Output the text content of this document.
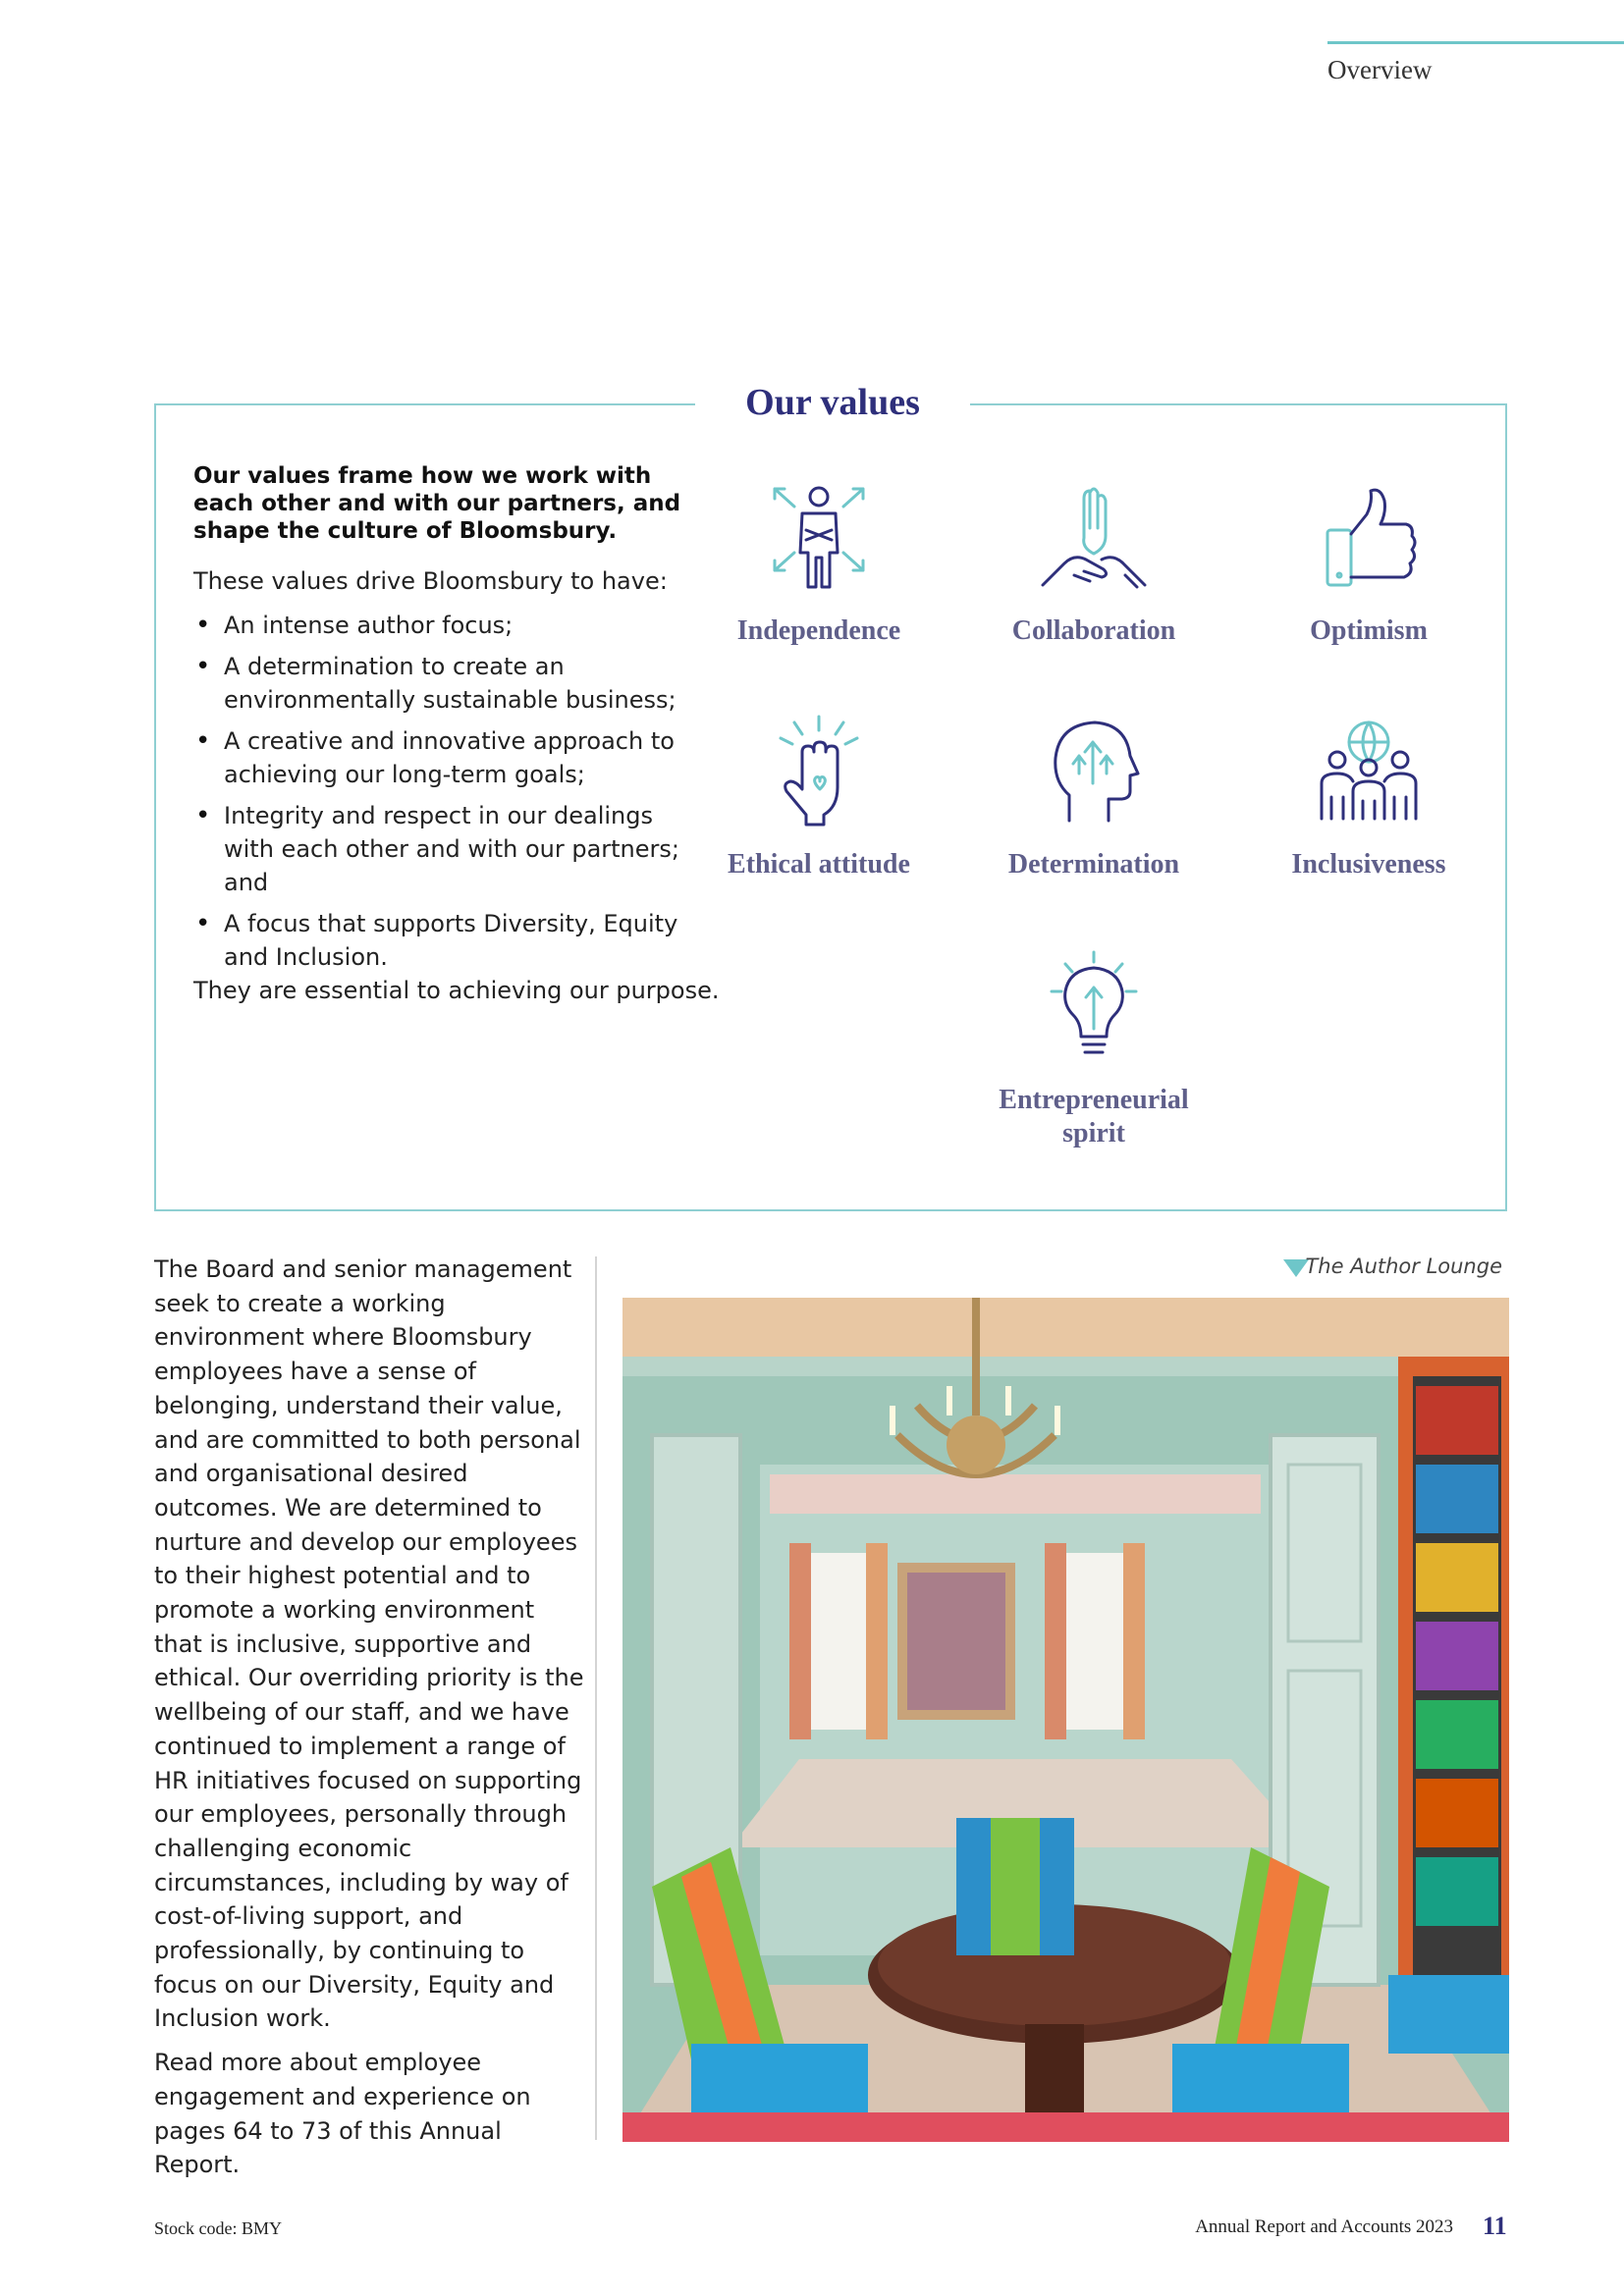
Overview
Our values
Our values frame how we work with each other and with our partners, and shape the culture of Bloomsbury.
These values drive Bloomsbury to have:
• An intense author focus;
• A determination to create an environmentally sustainable business;
• A creative and innovative approach to achieving our long-term goals;
• Integrity and respect in our dealings with each other and with our partners; and
• A focus that supports Diversity, Equity and Inclusion.
They are essential to achieving our purpose.
Independence	Collaboration	Optimism
Ethical attitude	Determination	Inclusiveness
Entrepreneurial spirit

The Board and senior management seek to create a working environment where Bloomsbury employees have a sense of belonging, understand their value, and are committed to both personal and organisational desired outcomes. We are determined to nurture and develop our employees to their highest potential and to promote a working environment that is inclusive, supportive and ethical. Our overriding priority is the wellbeing of our staff, and we have continued to implement a range of HR initiatives focused on supporting our employees, personally through challenging economic circumstances, including by way of cost-of-living support, and professionally, by continuing to focus on our Diversity, Equity and Inclusion work.

Read more about employee engagement and experience on pages 64 to 73 of this Annual Report.

The Author Lounge
Stock code: BMY	Annual Report and Accounts 2023 11
